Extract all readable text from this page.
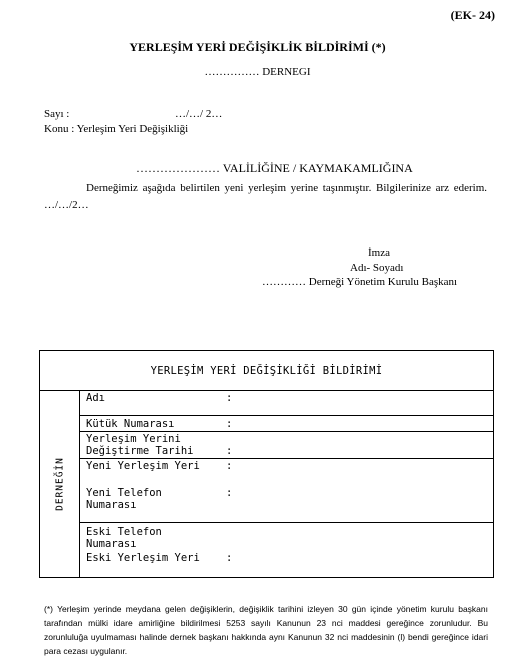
(EK- 24)
YERLEŞİM YERİ DEĞİŞİKLİK BİLDİRİMİ (*)
…………… DERNEGI
Sayı :	…/…/ 2…
Konu : Yerleşim Yeri Değişikliği
………………… VALİLİĞİNE / KAYMAKAMLIĞINA
Derneğimiz aşağıda belirtilen yeni yerleşim yerine taşınmıştır. Bilgilerinize arz ederim. …/…/2…
İmza
Adı- Soyadı
………… Derneği Yönetim Kurulu Başkanı
YERLEŞİM YERİ DEĞİŞİKLİĞİ BİLDİRİMİ
DERNEĞİN
Adı	:
Kütük Numarası	:
Yerleşim Yerini
Değiştirme Tarihi	:
Yeni Yerleşim Yeri :
Yeni Telefon	:
Numarası
Eski Telefon
Numarası
Eski Yerleşim Yeri :
(*) Yerleşim yerinde meydana gelen değişiklerin, değişiklik tarihini izleyen 30 gün içinde yönetim kurulu başkanı tarafından mülki idare amirliğine bildirilmesi 5253 sayılı Kanunun 23 nci maddesi gereğince zorunludur. Bu zorunluluğa uyulmaması halinde dernek başkanı hakkında aynı Kanunun 32 nci maddesinin (l) bendi gereğince idari para cezası uygulanır.
